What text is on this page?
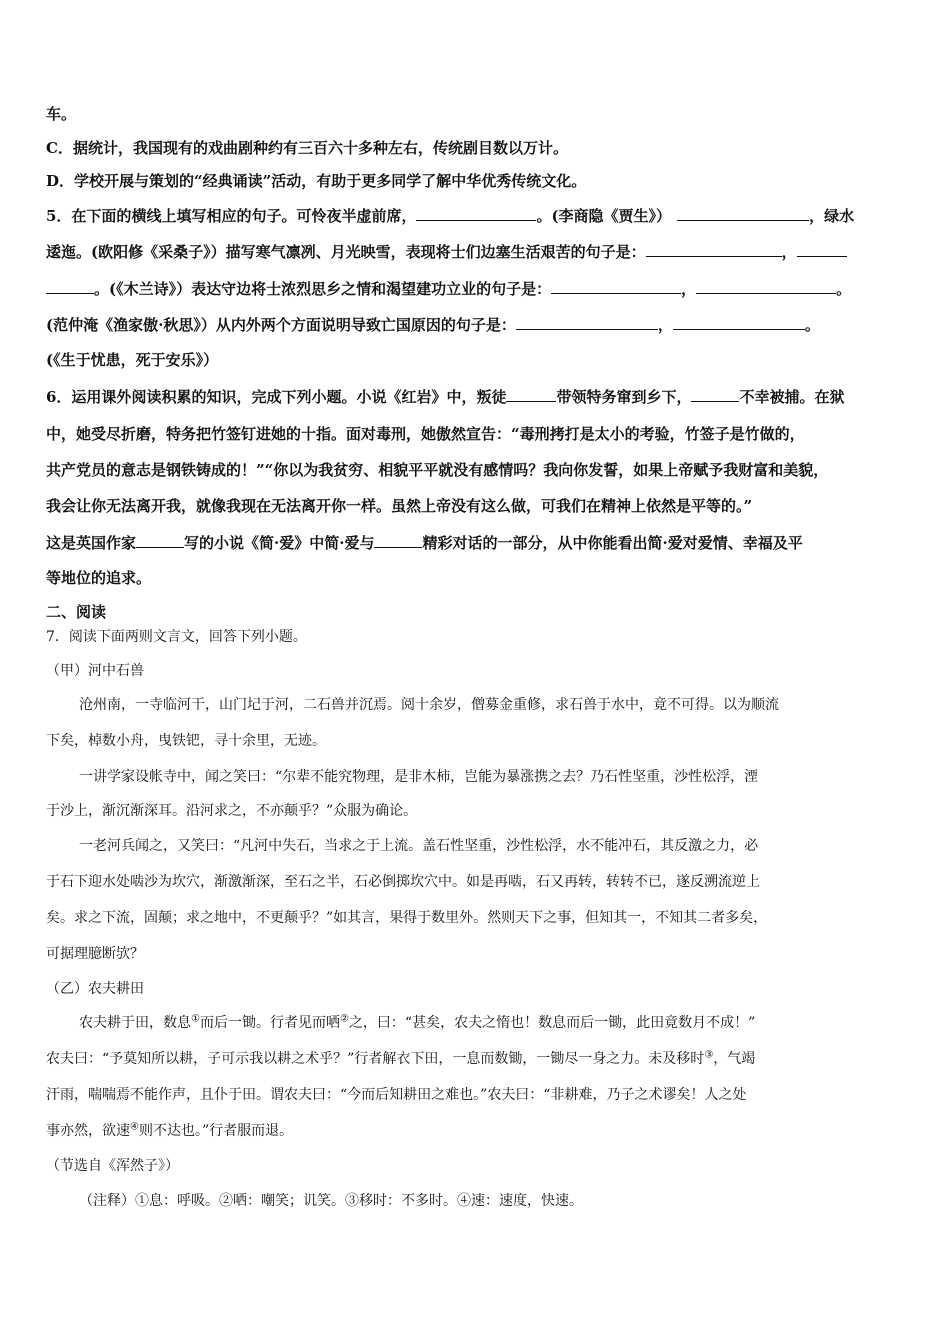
车。
C．据统计，我国现有的戏曲剧种约有三百六十多种左右，传统剧目数以万计。
D．学校开展与策划的“经典诵读”活动，有助于更多同学了解中华优秀传统文化。
5．在下面的横线上填写相应的句子。可怜夜半虚前席，	。(李商隐《贾生》）	，绿水
逶迤。(欧阳修《采桑子》）描写寒气凛冽、月光映雪，表现将士们边塞生活艰苦的句子是：	，
。(《木兰诗》）表达守边将士浓烈思乡之情和渴望建功立业的句子是：	，	。
(范仲淹《渔家傲·秋思》）从内外两个方面说明导致亡国原因的句子是：	，	。
(《生于忧患，死于安乐》）
6．运用课外阅读积累的知识，完成下列小题。小说《红岩》中，叛徒	带领特务窜到乡下，	不幸被捕。在狱
中，她受尽折磨，特务把竹签钉进她的十指。面对毒刑，她傲然宣告：“毒刑拷打是太小的考验，竹签子是竹做的，
共产党员的意志是钢铁铸成的！”“你以为我贫穷、相貌平平就没有感情吗？我向你发誓，如果上帝赋予我财富和美貌，
我会让你无法离开我，就像我现在无法离开你一样。虽然上帝没有这么做，可我们在精神上依然是平等的。”
这是英国作家	写的小说《简·爱》中简·爱与	精彩对话的一部分，从中你能看出简·爱对爱情、幸福及平
等地位的追求。
二、阅读
7．阅读下面两则文言文，回答下列小题。
（甲）河中石兽
沧州南，一寺临河干，山门圮于河，二石兽并沉焉。阅十余岁，僧募金重修，求石兽于水中，竟不可得。以为顺流
下矣，棹数小舟，曳铁钯，寻十余里，无迹。
一讲学家设帐寺中，闻之笑曰：“尔辈不能究物理，是非木柿，岂能为暴涨携之去？乃石性坚重，沙性松浮，湮
于沙上，渐沉渐深耳。沿河求之，不亦颠乎？”众服为确论。
一老河兵闻之，又笑曰：“凡河中失石，当求之于上流。盖石性坚重，沙性松浮，水不能冲石，其反激之力，必
于石下迎水处啮沙为坎穴，渐激渐深，至石之半，石必倒掷坎穴中。如是再啮，石又再转，转转不已，遂反溯流逆上
矣。求之下流，固颠；求之地中，不更颠乎？”如其言，果得于数里外。然则天下之事，但知其一，不知其二者多矣，
可据理臆断欤？
（乙）农夫耕田
农夫耕于田，数息①而后一锄。行者见而哂②之，曰：“甚矣，农夫之惰也！数息而后一锄，此田竟数月不成！”
农夫曰：“予莫知所以耕，子可示我以耕之术乎？”行者解衣下田，一息而数锄，一锄尽一身之力。未及移时③，气竭
汗雨，喘喘焉不能作声，且仆于田。谓农夫曰：“今而后知耕田之难也。”农夫曰：“非耕难，乃子之术谬矣！人之处
事亦然，欲速④则不达也。”行者服而退。
（节选自《浑然子》）
（注释）①息：呼吸。②哂：嘲笑；讥笑。③移时：不多时。④速：速度，快速。
